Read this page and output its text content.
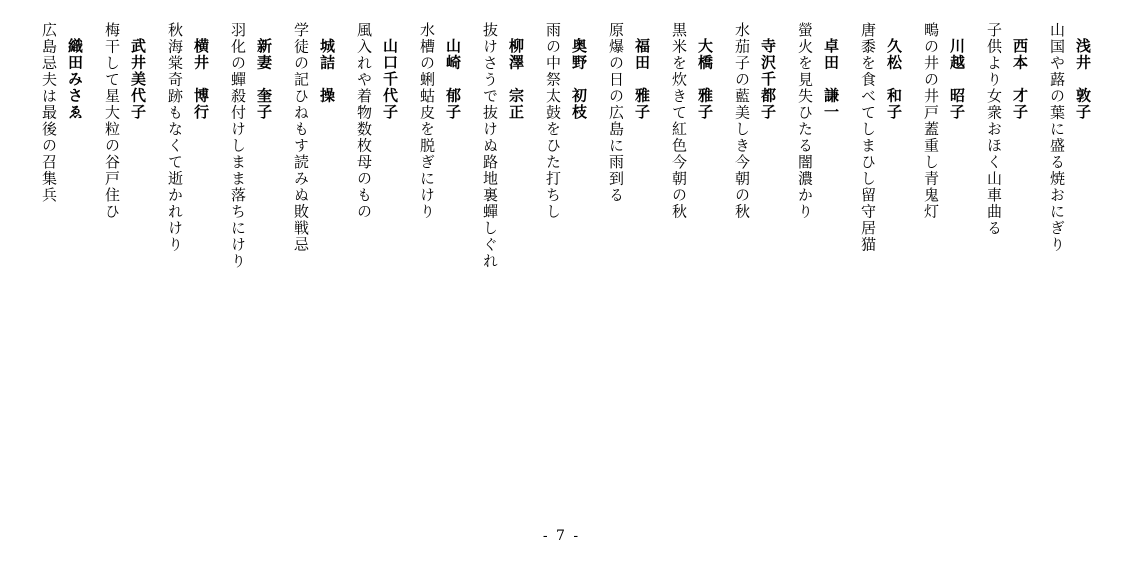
浅井　敦子
山国や蕗の葉に盛る焼おにぎり
西本　才子
子供より女衆おほく山車曲る
川越　昭子
鴫の井の井戸蓋重し青鬼灯
久松　和子
唐黍を食べてしまひし留守居猫
卓田　謙一
螢火を見失ひたる闇濃かり
寺沢千都子
水茄子の藍美しき今朝の秋
大橋　雅子
黒米を炊きて紅色今朝の秋
福田　雅子
原爆の日の広島に雨到る
奥野　初枝
雨の中祭太鼓をひた打ちし
柳澤　宗正
抜けさうで抜けぬ路地裏蟬しぐれ
山崎　郁子
水槽の蜊蛄皮を脱ぎにけり
山口千代子
風入れや着物数枚母のもの
城詰　操
学徒の記ひねもす読みぬ敗戦忌
新妻　奎子
羽化の蟬殺付けしまま落ちにけり
横井　博行
秋海棠奇跡もなくて逝かれけり
武井美代子
梅干して星大粒の谷戸住ひ
織田みさゑ
広島忌夫は最後の召集兵
- 7 -
